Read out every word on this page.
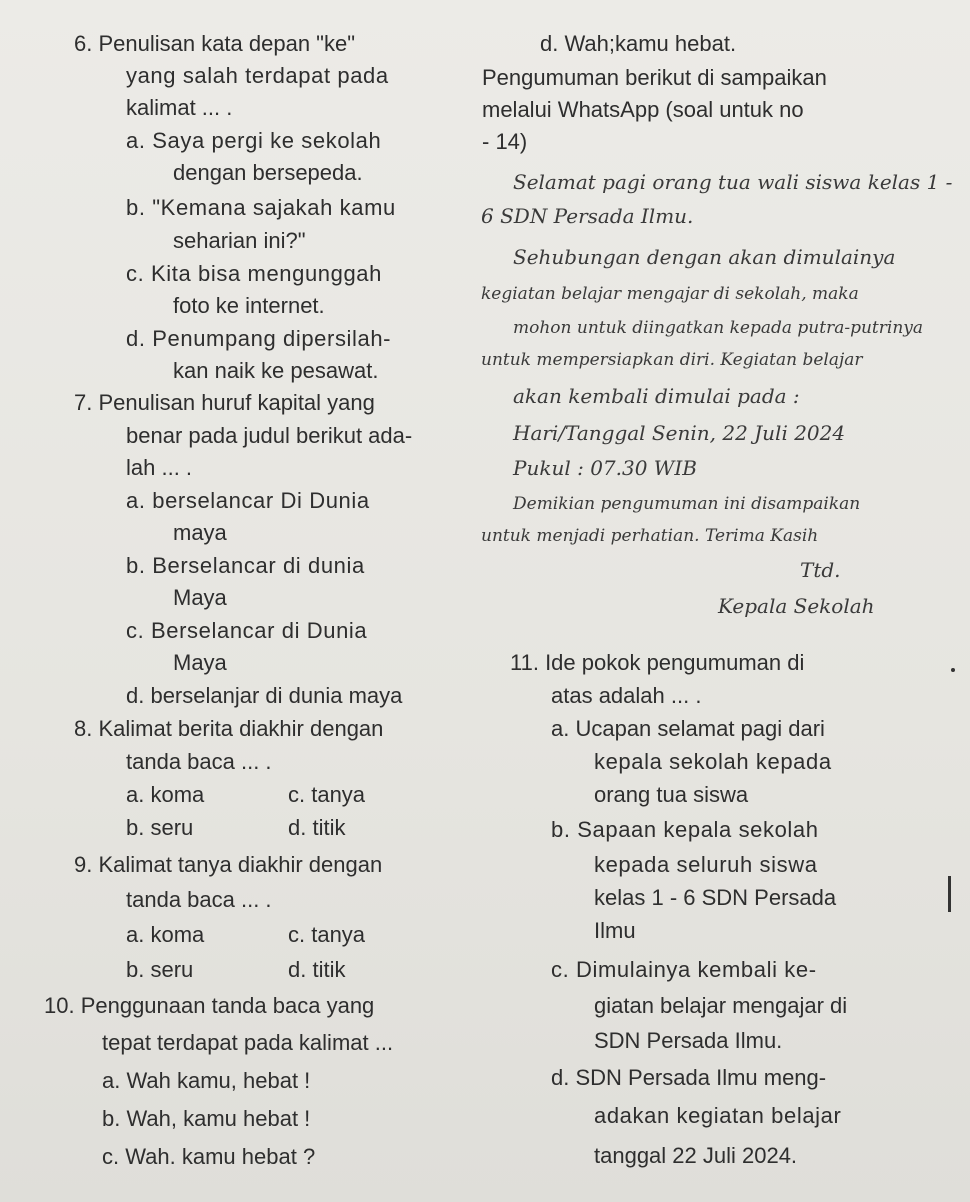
6. Penulisan kata depan "ke"
yang salah terdapat pada
kalimat ... .
a. Saya pergi ke sekolah
dengan bersepeda.
b. "Kemana sajakah kamu
seharian ini?"
c. Kita bisa mengunggah
foto ke internet.
d. Penumpang dipersilah-
kan naik ke pesawat.
7. Penulisan huruf kapital yang
benar pada judul berikut ada-
lah ... .
a. berselancar Di Dunia
maya
b. Berselancar di dunia
Maya
c. Berselancar di Dunia
Maya
d. berselanjar di dunia maya
8. Kalimat berita diakhir dengan
tanda baca ... .
a. koma	c. tanya
b. seru	d. titik
9. Kalimat tanya diakhir dengan
tanda baca ... .
a. koma	c. tanya
b. seru	d. titik
10. Penggunaan tanda baca yang
tepat terdapat pada kalimat ...
a. Wah kamu, hebat !
b. Wah, kamu hebat !
c. Wah. kamu hebat ?
d. Wah;kamu hebat.
Pengumuman berikut di sampaikan
melalui WhatsApp (soal untuk no
- 14)
Selamat pagi orang tua wali siswa kelas 1 -
6 SDN Persada Ilmu.
Sehubungan dengan akan dimulainya
kegiatan belajar mengajar di sekolah, maka
mohon untuk diingatkan kepada putra-putrinya
untuk mempersiapkan diri. Kegiatan belajar
akan kembali dimulai pada :
Hari/Tanggal Senin, 22 Juli 2024
Pukul : 07.30 WIB
Demikian pengumuman ini disampaikan
untuk menjadi perhatian. Terima Kasih
Ttd.
Kepala Sekolah
11. Ide pokok pengumuman di
atas adalah ... .
a. Ucapan selamat pagi dari
kepala sekolah kepada
orang tua siswa
b. Sapaan kepala sekolah
kepada seluruh siswa
kelas 1 - 6 SDN Persada
Ilmu
c. Dimulainya kembali ke-
giatan belajar mengajar di
SDN Persada Ilmu.
d. SDN Persada Ilmu meng-
adakan kegiatan belajar
tanggal 22 Juli 2024.
